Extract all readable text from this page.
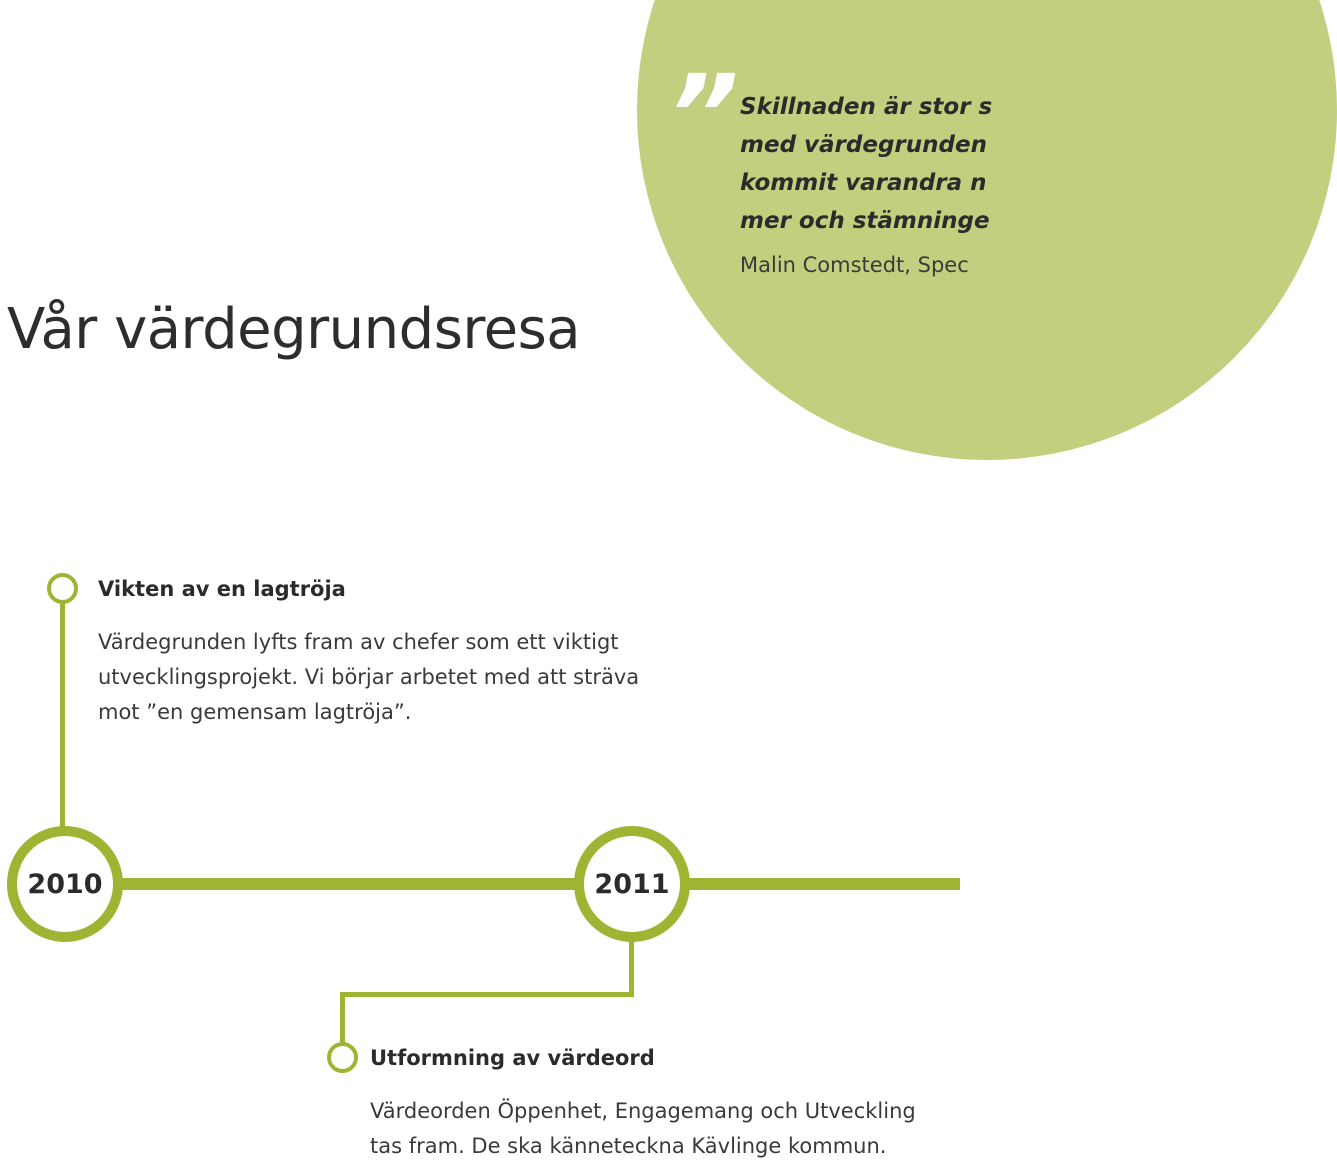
” Skillnaden är stor s
med värdegrunden
kommit varandra n
mer och stämninge
Malin Comstedt, Spec
Vår värdegrundsresa
2010	2011
Vikten av en lagtröja
Värdegrunden lyfts fram av chefer som ett viktigt
utvecklingsprojekt. Vi börjar arbetet med att sträva
mot ”en gemensam lagtröja”.
Utformning av värdeord
Värdeorden Öppenhet, Engagemang och Utveckling
tas fram. De ska känneteckna Kävlinge kommun.
